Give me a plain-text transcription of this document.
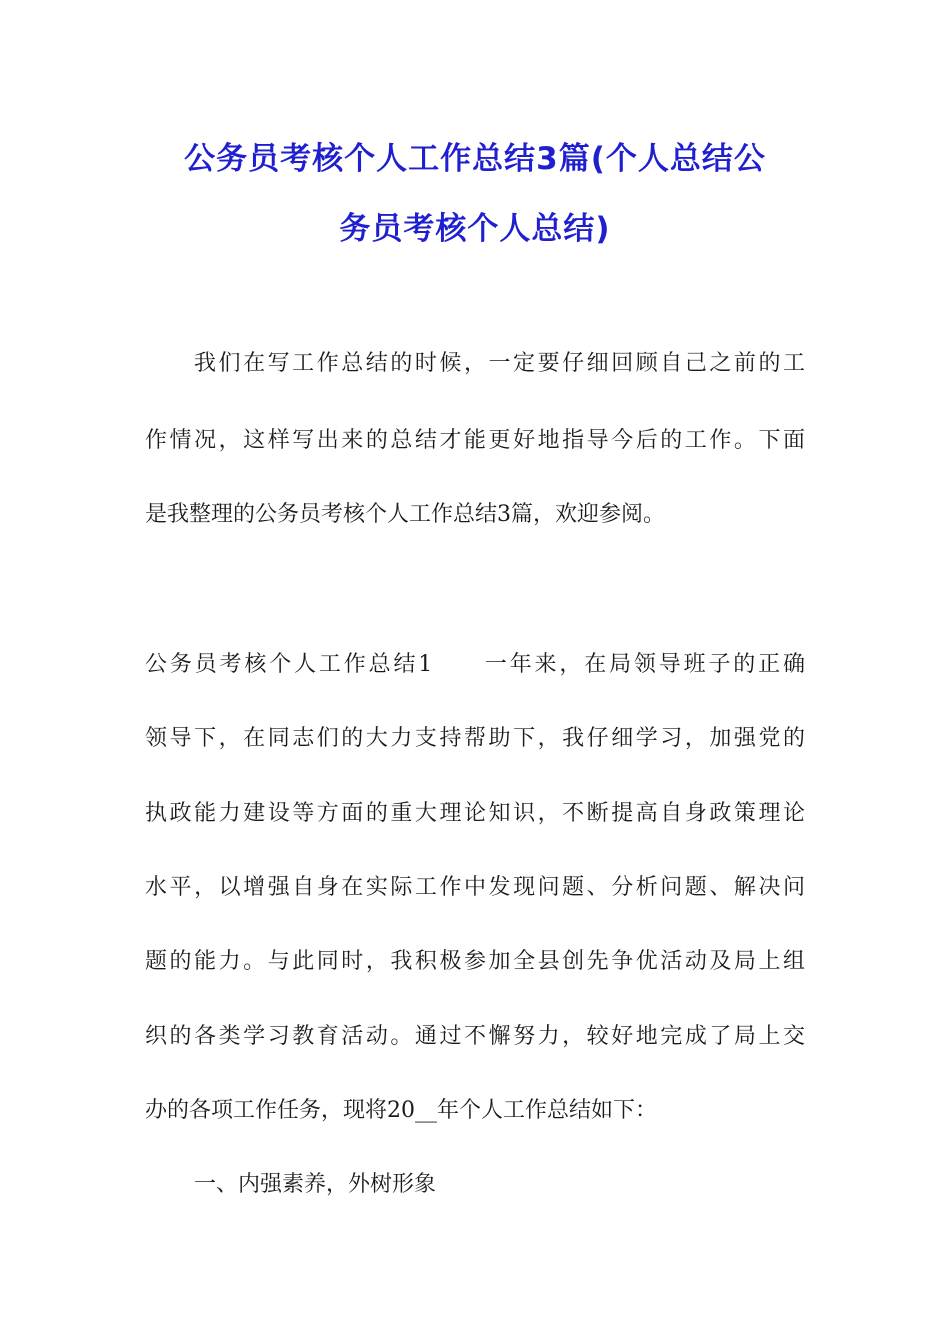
公务员考核个人工作总结3篇(个人总结公
务员考核个人总结)
我们在写工作总结的时候，一定要仔细回顾自己之前的工
作情况，这样写出来的总结才能更好地指导今后的工作。下面
是我整理的公务员考核个人工作总结3篇，欢迎参阅。
公务员考核个人工作总结1　　一年来，在局领导班子的正确
领导下，在同志们的大力支持帮助下，我仔细学习，加强党的
执政能力建设等方面的重大理论知识，不断提高自身政策理论
水平，以增强自身在实际工作中发现问题、分析问题、解决问
题的能力。与此同时，我积极参加全县创先争优活动及局上组
织的各类学习教育活动。通过不懈努力，较好地完成了局上交
办的各项工作任务，现将20__年个人工作总结如下：
一、内强素养，外树形象
